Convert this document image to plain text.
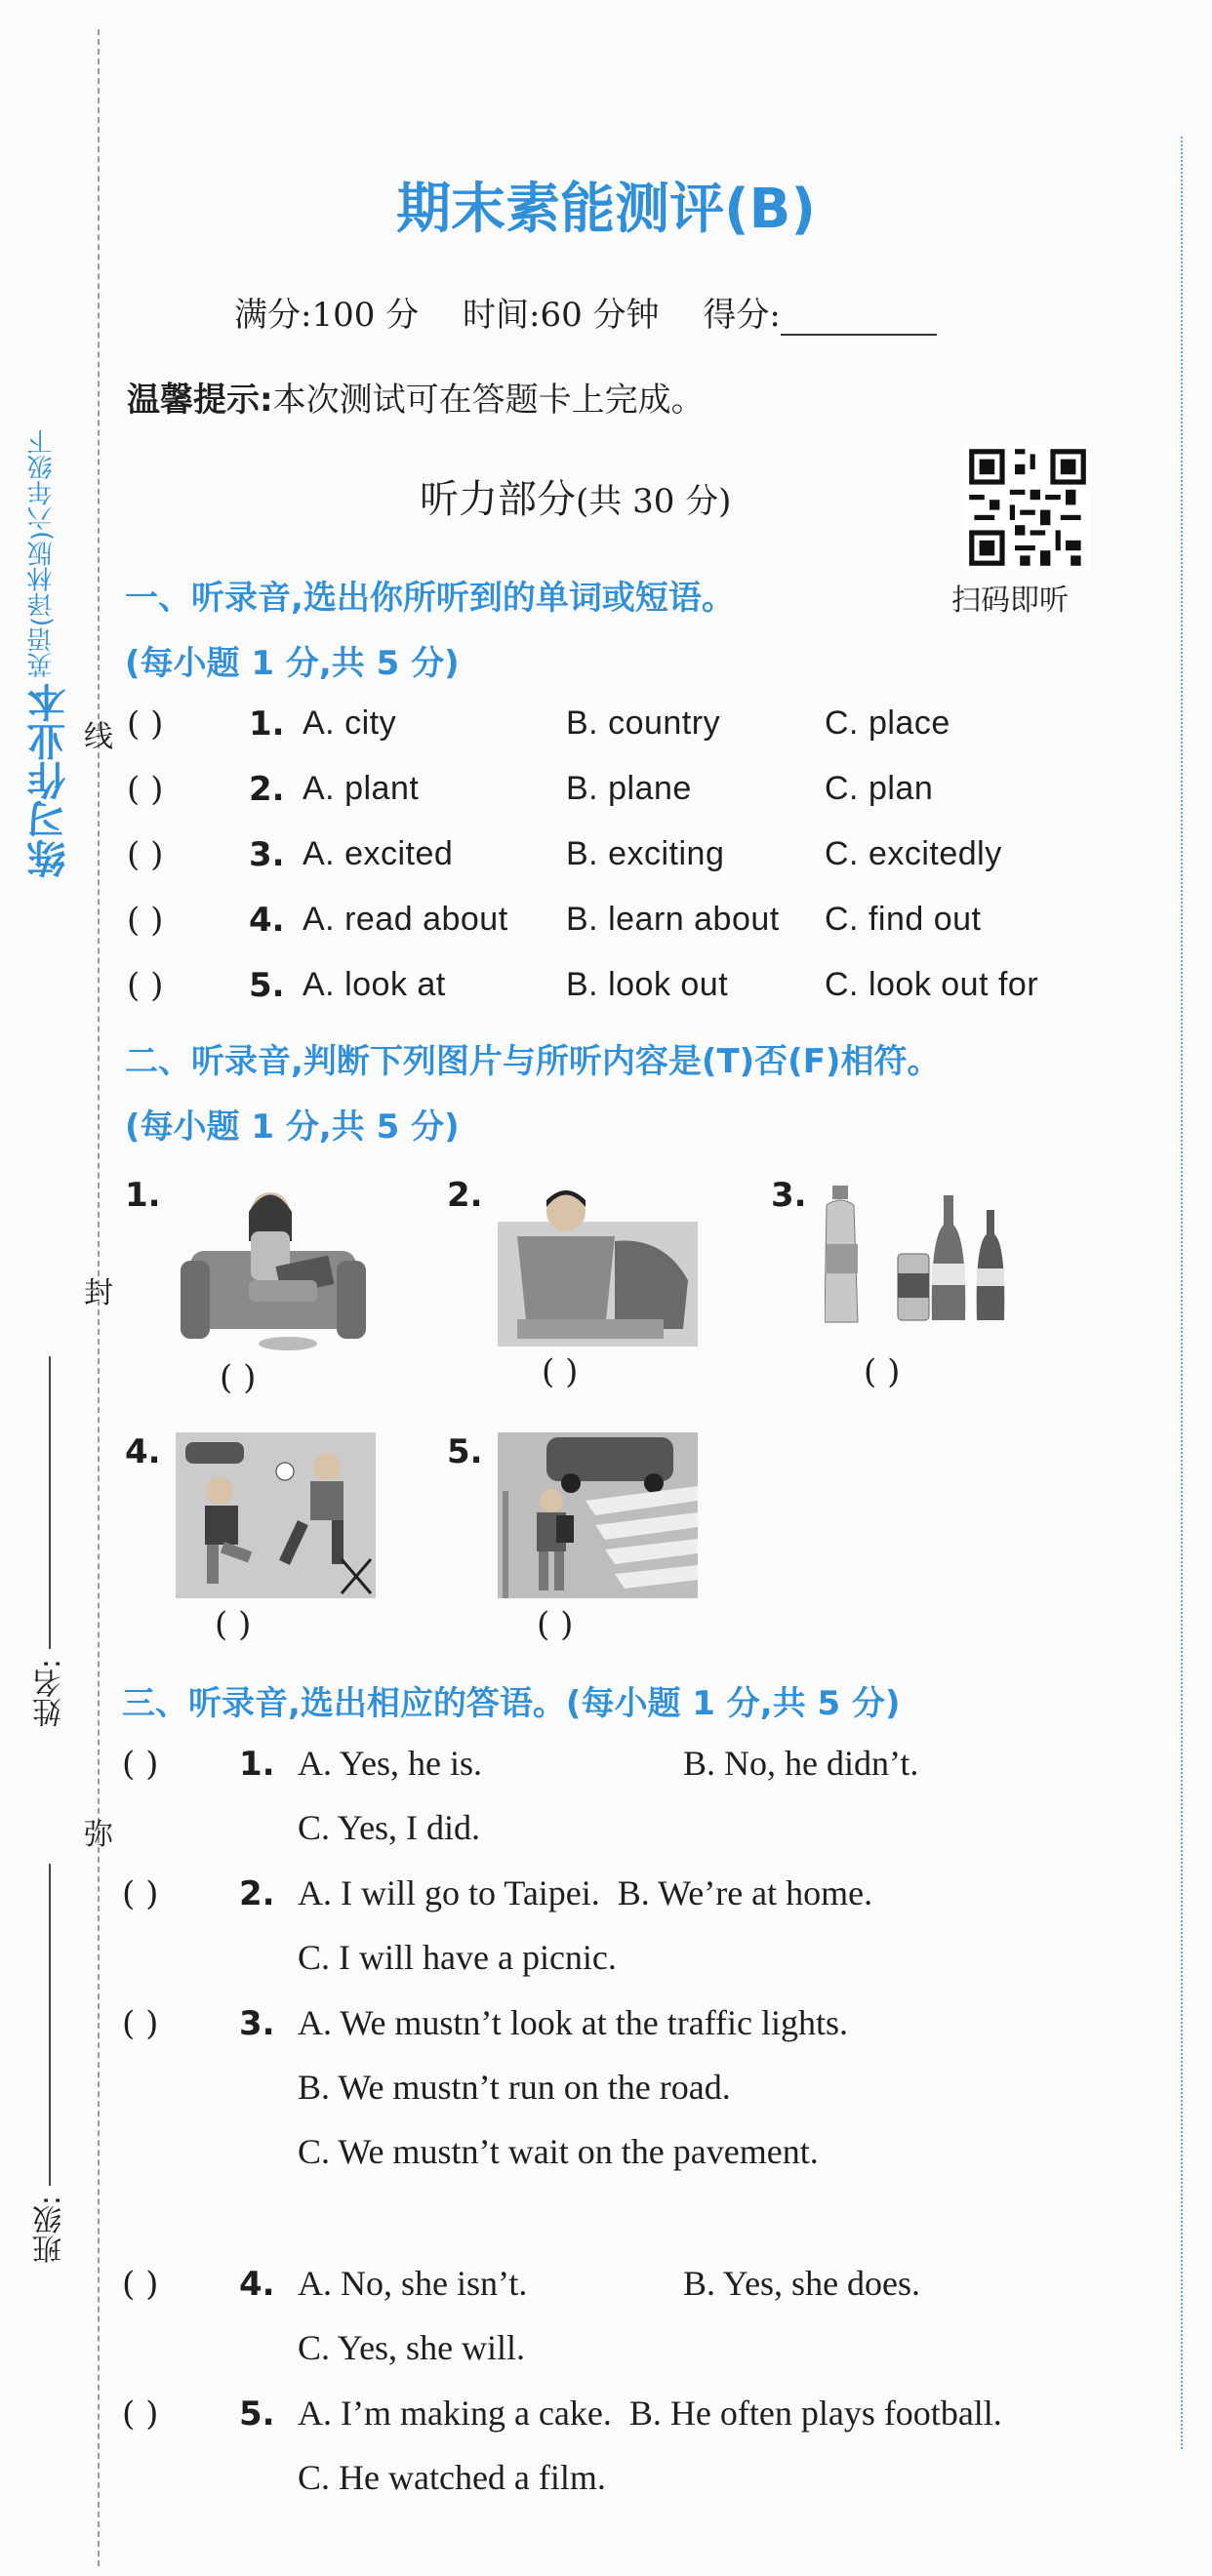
练习作业本
英语(译林版)六年级下
线
封
弥
姓名:
班级:
期末素能测评(B)
满分:100 分 时间:60 分钟 得分:
温馨提示:本次测试可在答题卡上完成。
听力部分(共 30 分)
扫码即听
一、听录音,选出你所听到的单词或短语。
(每小题 1 分,共 5 分)
( )	1. A. city	B. country	C. place
( )	2. A. plant	B. plane	C. plan
( )	3. A. excited	B. exciting	C. excitedly
( )	4. A. read about B. learn about C. find out
( )	5. A. look at	B. look out	C. look out for
二、听录音,判断下列图片与所听内容是(T)否(F)相符。
(每小题 1 分,共 5 分)
1.
( )
2.
( )
3.
( )
4.
( )
5.
( )
三、听录音,选出相应的答语。(每小题 1 分,共 5 分)
( ) 1. A. Yes, he is.	B. No, he didn’t.
C. Yes, I did.
( ) 2. A. I will go to Taipei. B. We’re at home.
C. I will have a picnic.
( ) 3. A. We mustn’t look at the traffic lights.
B. We mustn’t run on the road.
C. We mustn’t wait on the pavement.
( ) 4. A. No, she isn’t.	B. Yes, she does.
C. Yes, she will.
( ) 5. A. I’m making a cake. B. He often plays football.
C. He watched a film.
